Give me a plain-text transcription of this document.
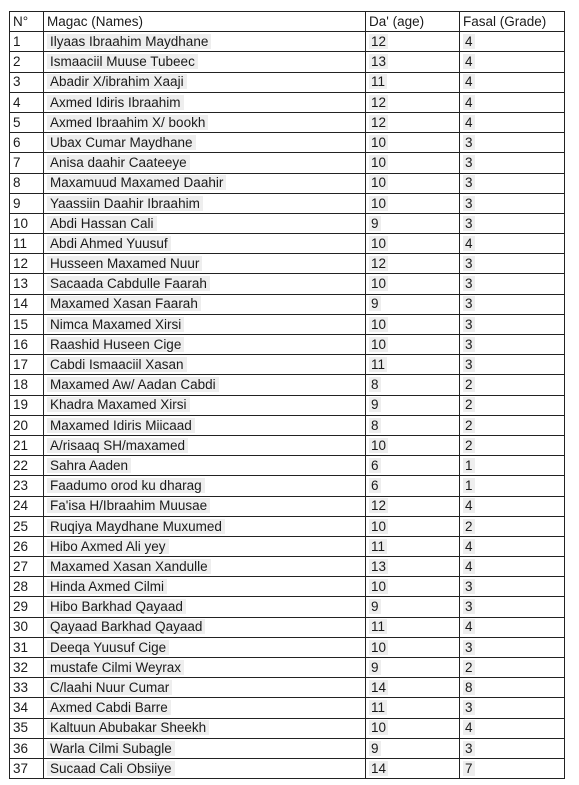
N°	Magac (Names)	Da' (age)	Fasal (Grade)
1	Ilyaas Ibraahim Maydhane	12	4
2	Ismaaciil Muuse Tubeec	13	4
3	Abadir X/ibrahim Xaaji	11	4
4	Axmed Idiris Ibraahim	12	4
5	Axmed Ibraahim X/ bookh	12	4
6	Ubax Cumar Maydhane	10	3
7	Anisa daahir Caateeye	10	3
8	Maxamuud Maxamed Daahir	10	3
9	Yaassiin Daahir Ibraahim	10	3
10	Abdi Hassan Cali	9	3
11	Abdi Ahmed Yuusuf	10	4
12	Husseen Maxamed Nuur	12	3
13	Sacaada Cabdulle Faarah	10	3
14	Maxamed Xasan Faarah	9	3
15	Nimca Maxamed Xirsi	10	3
16	Raashid Huseen Cige	10	3
17	Cabdi Ismaaciil Xasan	11	3
18	Maxamed Aw/ Aadan Cabdi	8	2
19	Khadra Maxamed Xirsi	9	2
20	Maxamed Idiris Miicaad	8	2
21	A/risaaq SH/maxamed	10	2
22	Sahra Aaden	6	1
23	Faadumo orod ku dharag	6	1
24	Fa'isa H/Ibraahim Muusae	12	4
25	Ruqiya Maydhane Muxumed	10	2
26	Hibo Axmed Ali yey	11	4
27	Maxamed Xasan Xandulle	13	4
28	Hinda Axmed Cilmi	10	3
29	Hibo Barkhad Qayaad	9	3
30	Qayaad Barkhad Qayaad	11	4
31	Deeqa Yuusuf Cige	10	3
32	mustafe Cilmi Weyrax	9	2
33	C/laahi Nuur Cumar	14	8
34	Axmed Cabdi Barre	11	3
35	Kaltuun Abubakar Sheekh	10	4
36	Warla Cilmi Subagle	9	3
37	Sucaad Cali Obsiiye	14	7
